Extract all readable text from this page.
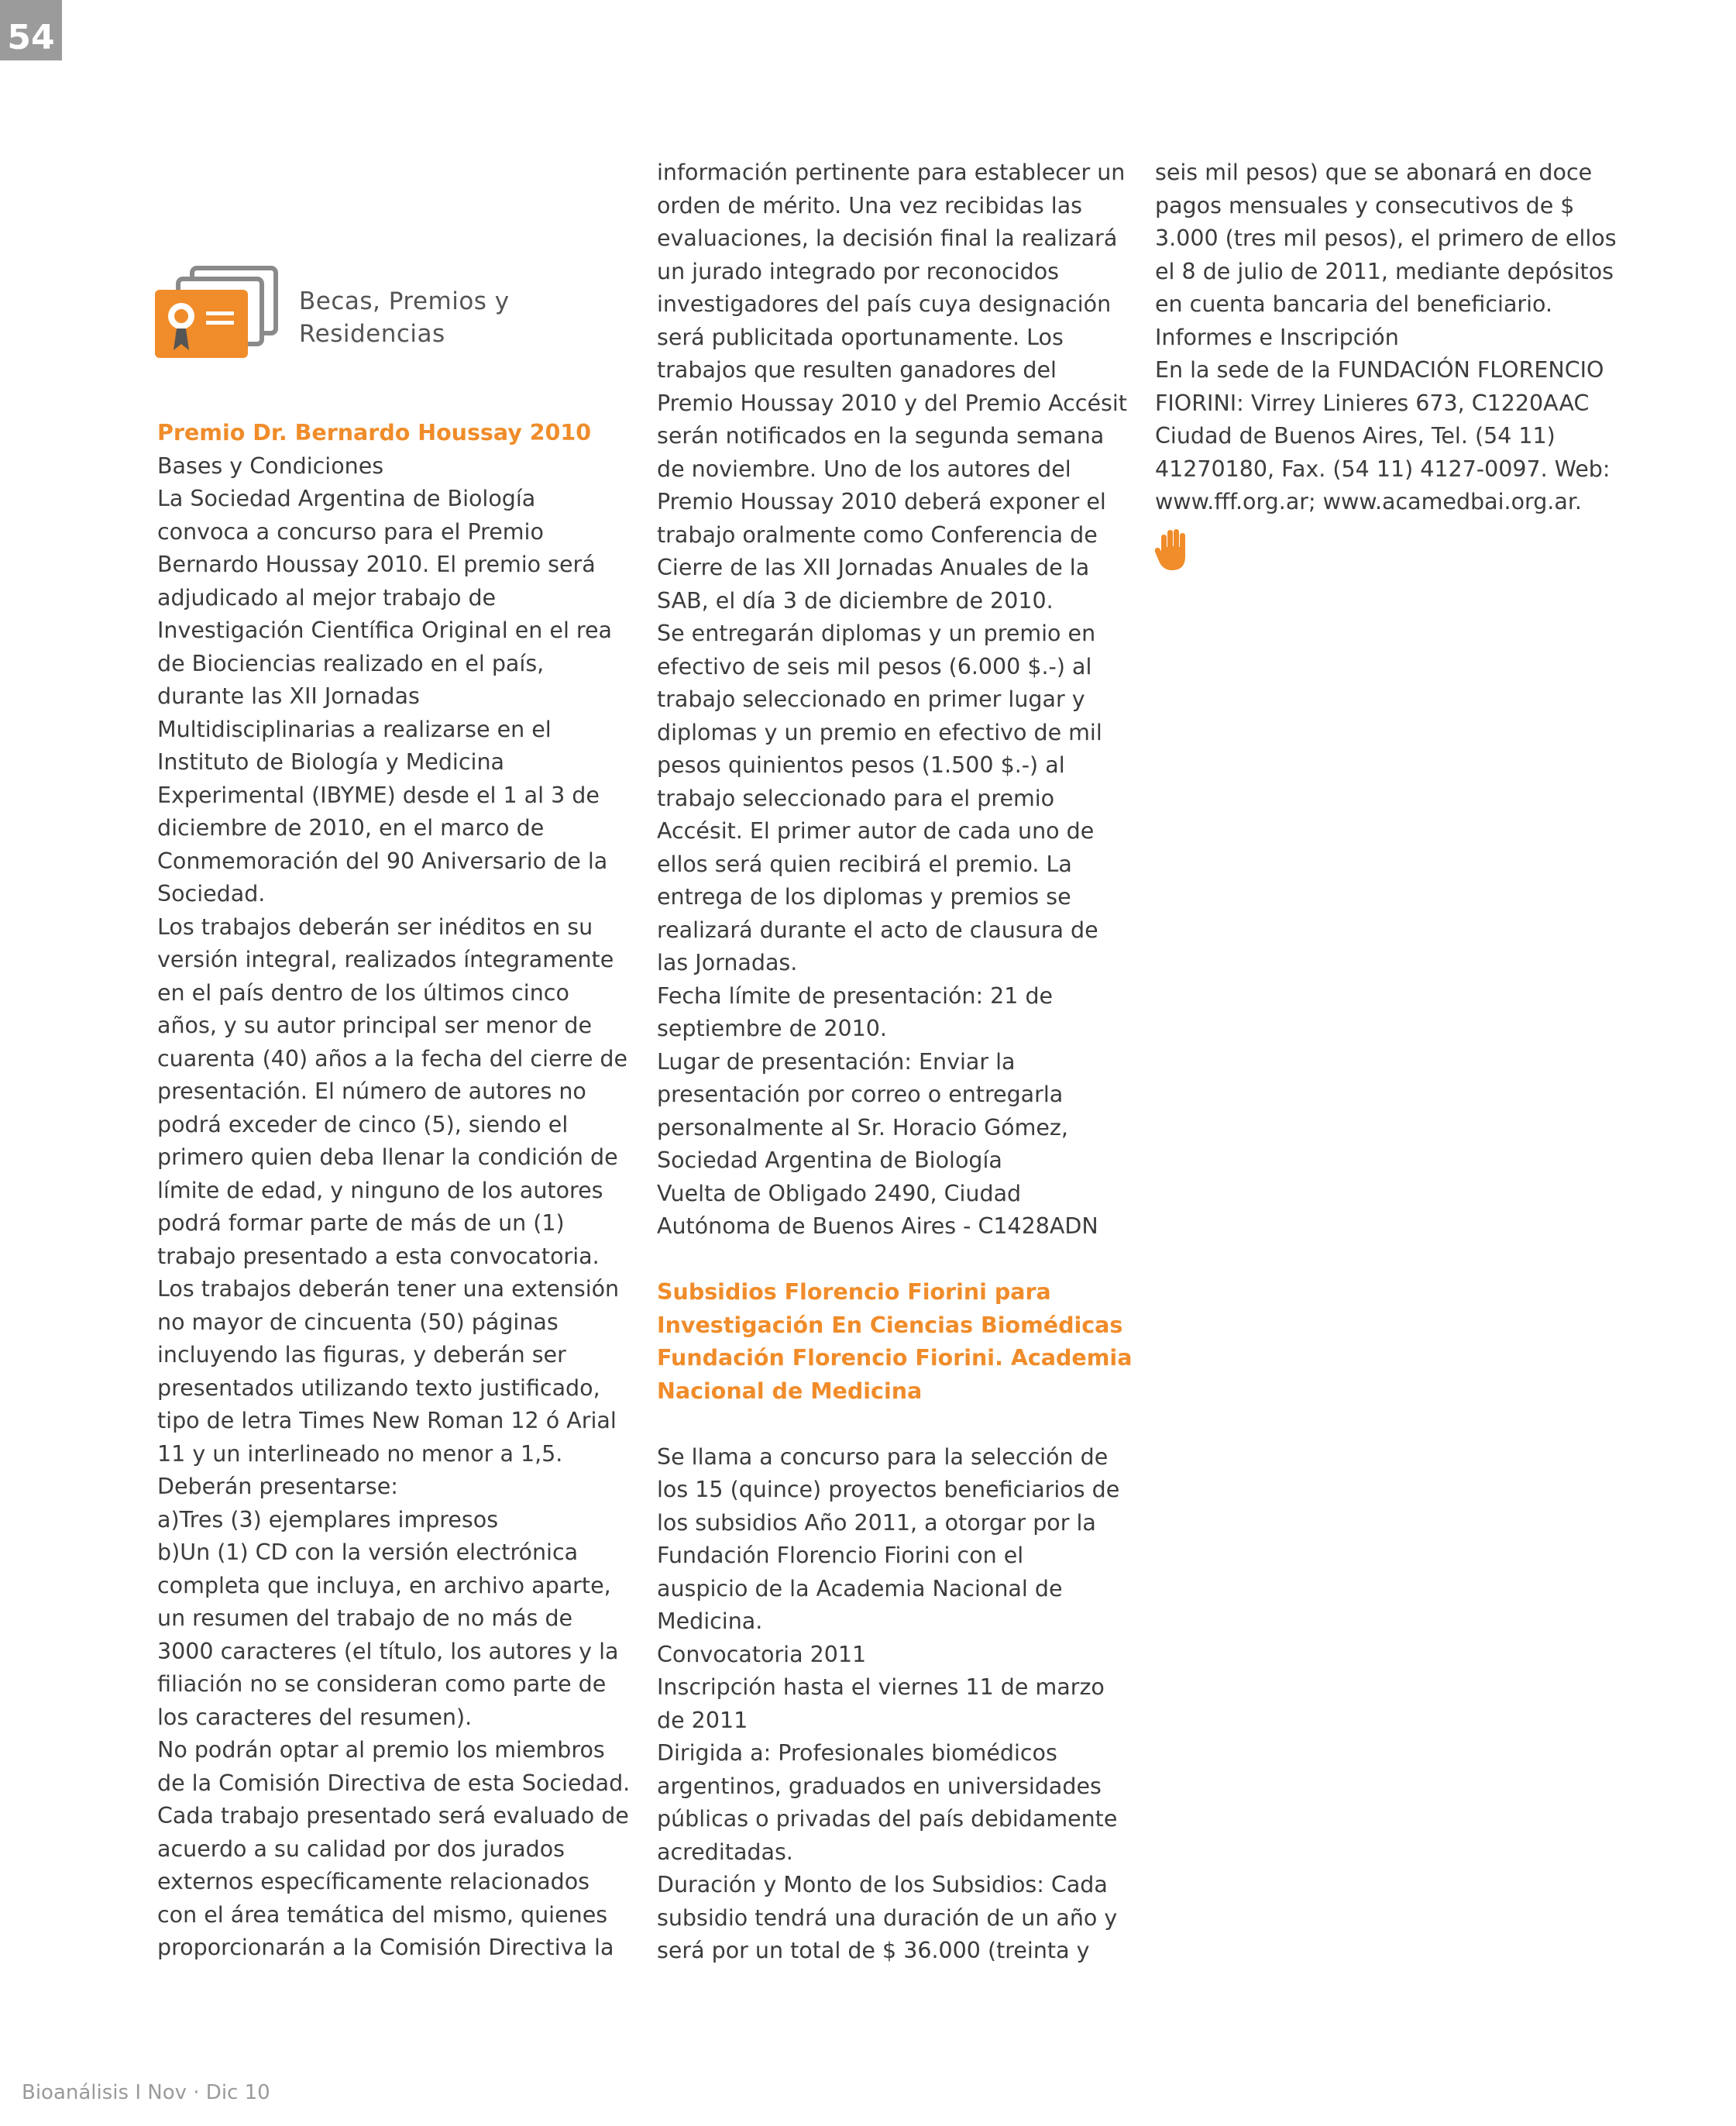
54
Becas, Premios y
Residencias

Premio Dr. Bernardo Houssay 2010

Bases y Condiciones

La Sociedad Argentina de Biología

convoca a concurso para el Premio

Bernardo Houssay 2010. El premio será

adjudicado al mejor trabajo de

Investigación Científica Original en el rea

de Biociencias realizado en el país,

durante las XII Jornadas

Multidisciplinarias a realizarse en el

Instituto de Biología y Medicina

Experimental (IBYME) desde el 1 al 3 de

diciembre de 2010, en el marco de

Conmemoración del 90 Aniversario de la

Sociedad.

Los trabajos deberán ser inéditos en su

versión integral, realizados íntegramente

en el país dentro de los últimos cinco

años, y su autor principal ser menor de

cuarenta (40) años a la fecha del cierre de

presentación. El número de autores no

podrá exceder de cinco (5), siendo el

primero quien deba llenar la condición de

límite de edad, y ninguno de los autores

podrá formar parte de más de un (1)

trabajo presentado a esta convocatoria.

Los trabajos deberán tener una extensión

no mayor de cincuenta (50) páginas

incluyendo las figuras, y deberán ser

presentados utilizando texto justificado,

tipo de letra Times New Roman 12 ó Arial

11 y un interlineado no menor a 1,5.

Deberán presentarse:

a)Tres (3) ejemplares impresos

b)Un (1) CD con la versión electrónica

completa que incluya, en archivo aparte,

un resumen del trabajo de no más de

3000 caracteres (el título, los autores y la

filiación no se consideran como parte de

los caracteres del resumen).

No podrán optar al premio los miembros

de la Comisión Directiva de esta Sociedad.

Cada trabajo presentado será evaluado de

acuerdo a su calidad por dos jurados

externos específicamente relacionados

con el área temática del mismo, quienes

proporcionarán a la Comisión Directiva la

información pertinente para establecer un

orden de mérito. Una vez recibidas las

evaluaciones, la decisión final la realizará

un jurado integrado por reconocidos

investigadores del país cuya designación

será publicitada oportunamente. Los

trabajos que resulten ganadores del

Premio Houssay 2010 y del Premio Accésit

serán notificados en la segunda semana

de noviembre. Uno de los autores del

Premio Houssay 2010 deberá exponer el

trabajo oralmente como Conferencia de

Cierre de las XII Jornadas Anuales de la

SAB, el día 3 de diciembre de 2010.

Se entregarán diplomas y un premio en

efectivo de seis mil pesos (6.000 $.-) al

trabajo seleccionado en primer lugar y

diplomas y un premio en efectivo de mil

pesos quinientos pesos (1.500 $.-) al

trabajo seleccionado para el premio

Accésit. El primer autor de cada uno de

ellos será quien recibirá el premio. La

entrega de los diplomas y premios se

realizará durante el acto de clausura de

las Jornadas.

Fecha límite de presentación: 21 de

septiembre de 2010.

Lugar de presentación: Enviar la

presentación por correo o entregarla

personalmente al Sr. Horacio Gómez,

Sociedad Argentina de Biología

Vuelta de Obligado 2490, Ciudad

Autónoma de Buenos Aires - C1428ADN

Subsidios Florencio Fiorini para

Investigación En Ciencias Biomédicas

Fundación Florencio Fiorini. Academia

Nacional de Medicina

Se llama a concurso para la selección de

los 15 (quince) proyectos beneficiarios de

los subsidios Año 2011, a otorgar por la

Fundación Florencio Fiorini con el

auspicio de la Academia Nacional de

Medicina.

Convocatoria 2011

Inscripción hasta el viernes 11 de marzo

de 2011

Dirigida a: Profesionales biomédicos

argentinos, graduados en universidades

públicas o privadas del país debidamente

acreditadas.

Duración y Monto de los Subsidios: Cada

subsidio tendrá una duración de un año y

será por un total de $ 36.000 (treinta y

seis mil pesos) que se abonará en doce

pagos mensuales y consecutivos de $

3.000 (tres mil pesos), el primero de ellos

el 8 de julio de 2011, mediante depósitos

en cuenta bancaria del beneficiario.

Informes e Inscripción

En la sede de la FUNDACIÓN FLORENCIO

FIORINI: Virrey Linieres 673, C1220AAC

Ciudad de Buenos Aires, Tel. (54 11)

41270180, Fax. (54 11) 4127-0097. Web:

www.fff.org.ar; www.acamedbai.org.ar.

Bioanálisis I Nov · Dic 10
